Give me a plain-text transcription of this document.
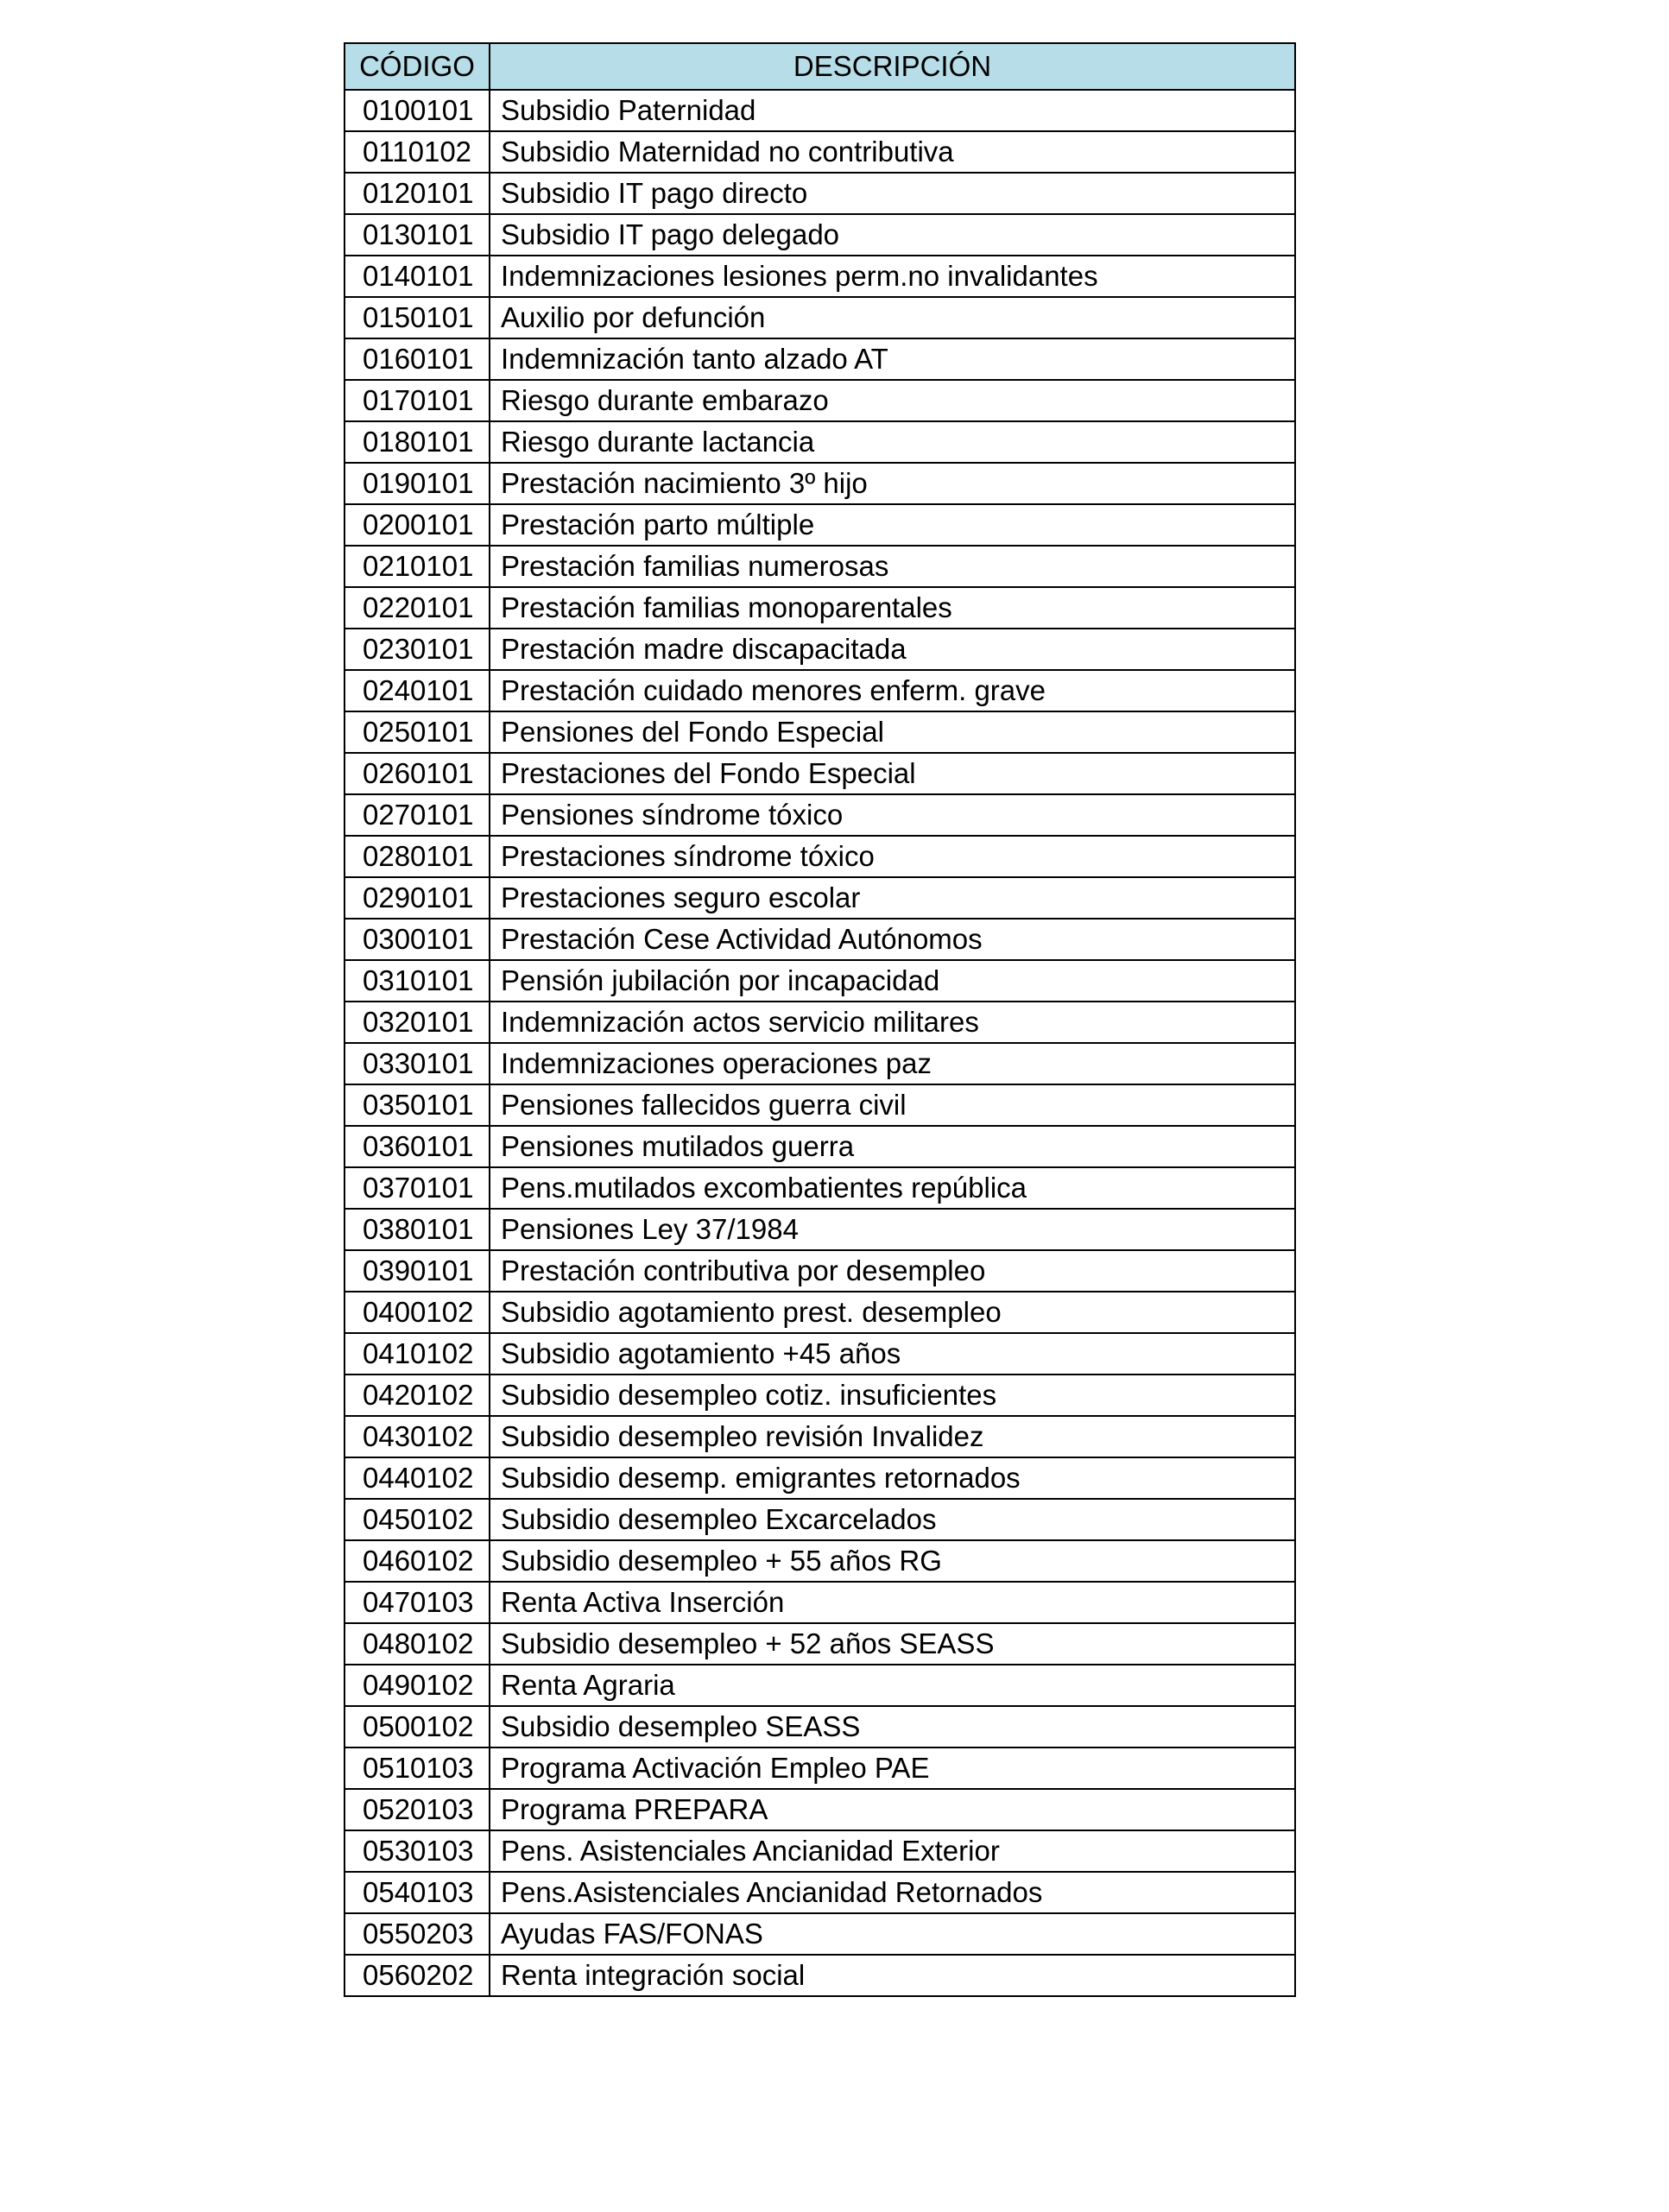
CÓDIGO	DESCRIPCIÓN
0100101	Subsidio Paternidad
0110102	Subsidio Maternidad no contributiva
0120101	Subsidio IT pago directo
0130101	Subsidio IT pago delegado
0140101	Indemnizaciones lesiones perm.no invalidantes
0150101	Auxilio por defunción
0160101	Indemnización tanto alzado AT
0170101	Riesgo durante embarazo
0180101	Riesgo durante lactancia
0190101	Prestación nacimiento 3º hijo
0200101	Prestación parto múltiple
0210101	Prestación familias numerosas
0220101	Prestación familias monoparentales
0230101	Prestación madre discapacitada
0240101	Prestación cuidado menores enferm. grave
0250101	Pensiones del Fondo Especial
0260101	Prestaciones del Fondo Especial
0270101	Pensiones síndrome tóxico
0280101	Prestaciones síndrome tóxico
0290101	Prestaciones seguro escolar
0300101	Prestación Cese Actividad Autónomos
0310101	Pensión jubilación por incapacidad
0320101	Indemnización actos servicio militares
0330101	Indemnizaciones operaciones paz
0350101	Pensiones fallecidos guerra civil
0360101	Pensiones mutilados guerra
0370101	Pens.mutilados excombatientes república
0380101	Pensiones Ley 37/1984
0390101	Prestación contributiva por desempleo
0400102	Subsidio agotamiento prest. desempleo
0410102	Subsidio agotamiento +45 años
0420102	Subsidio desempleo cotiz. insuficientes
0430102	Subsidio desempleo revisión Invalidez
0440102	Subsidio desemp. emigrantes retornados
0450102	Subsidio desempleo Excarcelados
0460102	Subsidio desempleo + 55 años RG
0470103	Renta Activa Inserción
0480102	Subsidio desempleo + 52 años SEASS
0490102	Renta Agraria
0500102	Subsidio desempleo SEASS
0510103	Programa Activación Empleo PAE
0520103	Programa PREPARA
0530103	Pens. Asistenciales Ancianidad Exterior
0540103	Pens.Asistenciales Ancianidad Retornados
0550203	Ayudas FAS/FONAS
0560202	Renta integración social
